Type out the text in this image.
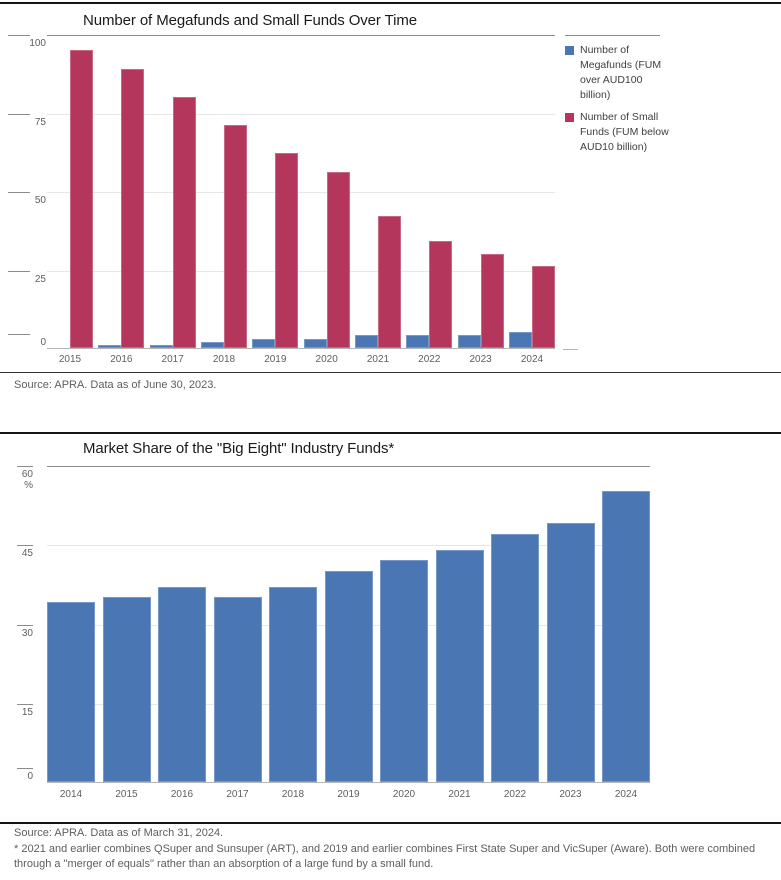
Number of Megafunds and Small Funds Over Time
100
75
50
25
0
2015	2016	2017	2018	2019	2020	2021	2022	2023	2024
Number of Megafunds (FUM over AUD100 billion)
Number of Small Funds (FUM below AUD10 billion)
Source: APRA. Data as of June 30, 2023.
Market Share of the "Big Eight" Industry Funds*
60
%
45
30
15
0
2014	2015	2016	2017	2018	2019	2020	2021	2022	2023	2024
Source: APRA. Data as of March 31, 2024.
* 2021 and earlier combines QSuper and Sunsuper (ART), and 2019 and earlier combines First State Super and VicSuper (Aware). Both were combined through a "merger of equals" rather than an absorption of a large fund by a small fund.
